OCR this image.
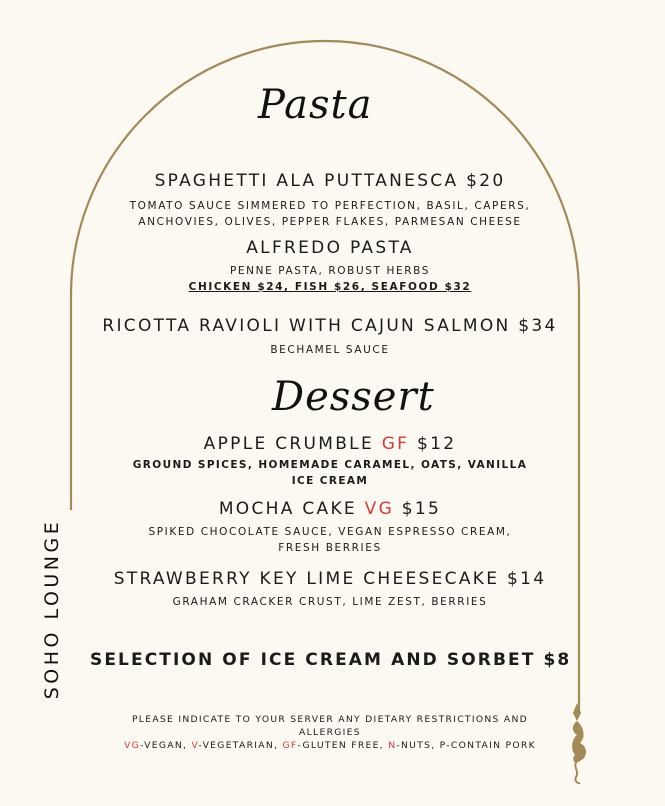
SOHO LOUNGE
Pasta
SPAGHETTI ALA PUTTANESCA $20
TOMATO SAUCE SIMMERED TO PERFECTION, BASIL, CAPERS,
ANCHOVIES, OLIVES, PEPPER FLAKES, PARMESAN CHEESE
ALFREDO PASTA
PENNE PASTA, ROBUST HERBS
CHICKEN $24, FISH $26, SEAFOOD $32
RICOTTA RAVIOLI WITH CAJUN SALMON $34
BECHAMEL SAUCE
Dessert
APPLE CRUMBLE GF $12
GROUND SPICES, HOMEMADE CARAMEL, OATS, VANILLA
ICE CREAM
MOCHA CAKE VG $15
SPIKED CHOCOLATE SAUCE, VEGAN ESPRESSO CREAM,
FRESH BERRIES
STRAWBERRY KEY LIME CHEESECAKE $14
GRAHAM CRACKER CRUST, LIME ZEST, BERRIES
SELECTION OF ICE CREAM AND SORBET $8
PLEASE INDICATE TO YOUR SERVER ANY DIETARY RESTRICTIONS AND
ALLERGIES
VG-VEGAN, V-VEGETARIAN, GF-GLUTEN FREE, N-NUTS, P-CONTAIN PORK
